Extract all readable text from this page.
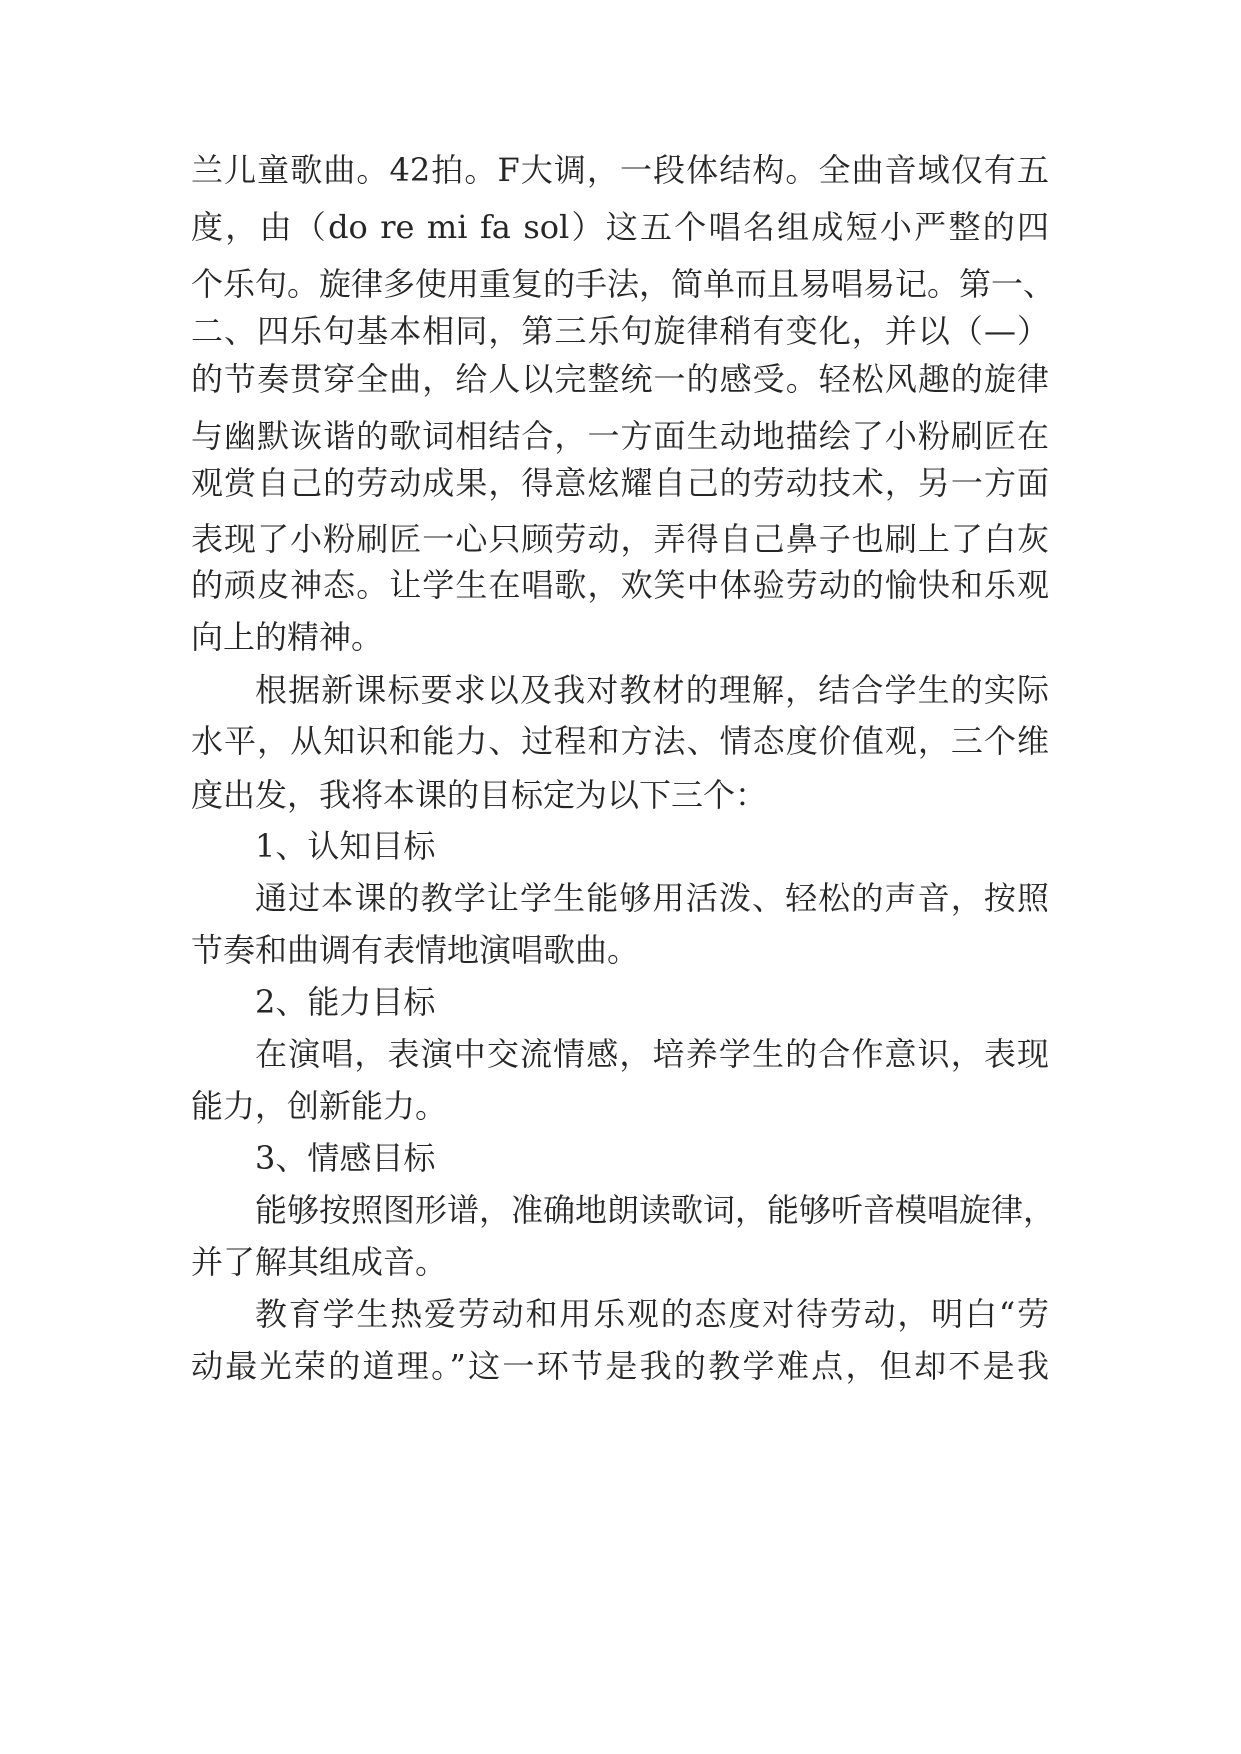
兰儿童歌曲。42拍。F大调，一段体结构。全曲音域仅有五
度，由（do re mi fa sol）这五个唱名组成短小严整的四
个乐句。旋律多使用重复的手法，简单而且易唱易记。第一、
二、四乐句基本相同，第三乐句旋律稍有变化，并以（—）
的节奏贯穿全曲，给人以完整统一的感受。轻松风趣的旋律
与幽默诙谐的歌词相结合，一方面生动地描绘了小粉刷匠在
观赏自己的劳动成果，得意炫耀自己的劳动技术，另一方面
表现了小粉刷匠一心只顾劳动，弄得自己鼻子也刷上了白灰
的顽皮神态。让学生在唱歌，欢笑中体验劳动的愉快和乐观
向上的精神。
根据新课标要求以及我对教材的理解，结合学生的实际
水平，从知识和能力、过程和方法、情态度价值观，三个维
度出发，我将本课的目标定为以下三个：
1、认知目标
通过本课的教学让学生能够用活泼、轻松的声音，按照
节奏和曲调有表情地演唱歌曲。
2、能力目标
在演唱，表演中交流情感，培养学生的合作意识，表现
能力，创新能力。
3、情感目标
能够按照图形谱，准确地朗读歌词，能够听音模唱旋律，
并了解其组成音。
教育学生热爱劳动和用乐观的态度对待劳动，明白“劳
动最光荣的道理。”这一环节是我的教学难点，但却不是我
